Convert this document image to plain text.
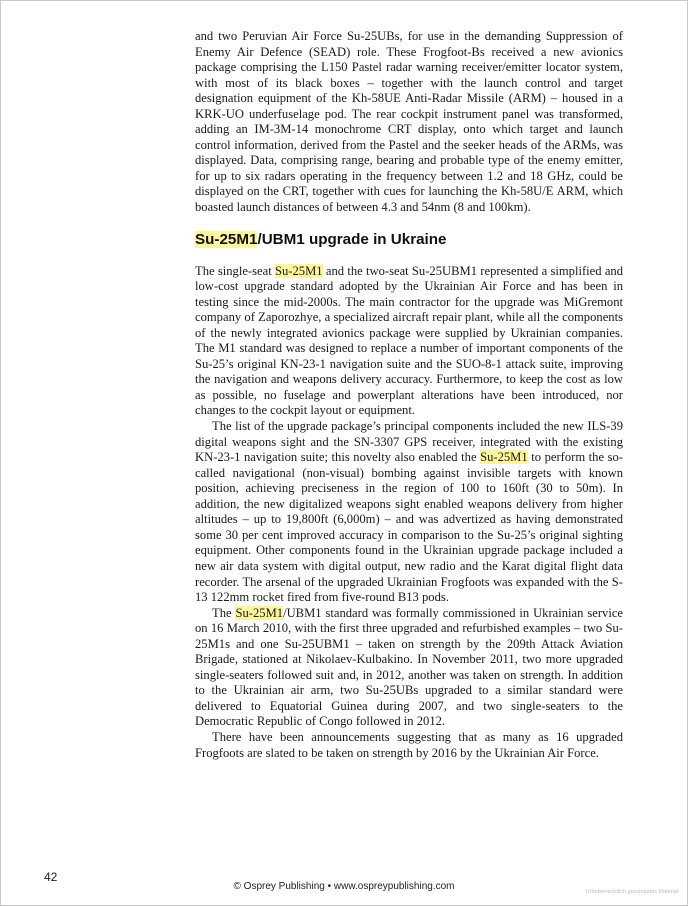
and two Peruvian Air Force Su-25UBs, for use in the demanding Suppression of Enemy Air Defence (SEAD) role. These Frogfoot-Bs received a new avionics package comprising the L150 Pastel radar warning receiver/emitter locator system, with most of its black boxes – together with the launch control and target designation equipment of the Kh-58UE Anti-Radar Missile (ARM) – housed in a KRK-UO underfuselage pod. The rear cockpit instrument panel was transformed, adding an IM-3M-14 monochrome CRT display, onto which target and launch control information, derived from the Pastel and the seeker heads of the ARMs, was displayed. Data, comprising range, bearing and probable type of the enemy emitter, for up to six radars operating in the frequency between 1.2 and 18 GHz, could be displayed on the CRT, together with cues for launching the Kh-58U/E ARM, which boasted launch distances of between 4.3 and 54nm (8 and 100km).

Su-25M1/UBM1 upgrade in Ukraine

The single-seat Su-25M1 and the two-seat Su-25UBM1 represented a simplified and low-cost upgrade standard adopted by the Ukrainian Air Force and has been in testing since the mid-2000s. The main contractor for the upgrade was MiGremont company of Zaporozhye, a specialized aircraft repair plant, while all the components of the newly integrated avionics package were supplied by Ukrainian companies. The M1 standard was designed to replace a number of important components of the Su-25’s original KN-23-1 navigation suite and the SUO-8-1 attack suite, improving the navigation and weapons delivery accuracy. Furthermore, to keep the cost as low as possible, no fuselage and powerplant alterations have been introduced, nor changes to the cockpit layout or equipment.

The list of the upgrade package’s principal components included the new ILS-39 digital weapons sight and the SN-3307 GPS receiver, integrated with the existing KN-23-1 navigation suite; this novelty also enabled the Su-25M1 to perform the so-called navigational (non-visual) bombing against invisible targets with known position, achieving preciseness in the region of 100 to 160ft (30 to 50m). In addition, the new digitalized weapons sight enabled weapons delivery from higher altitudes – up to 19,800ft (6,000m) – and was advertized as having demonstrated some 30 per cent improved accuracy in comparison to the Su-25’s original sighting equipment. Other components found in the Ukrainian upgrade package included a new air data system with digital output, new radio and the Karat digital flight data recorder. The arsenal of the upgraded Ukrainian Frogfoots was expanded with the S-13 122mm rocket fired from five-round B13 pods.

The Su-25M1/UBM1 standard was formally commissioned in Ukrainian service on 16 March 2010, with the first three upgraded and refurbished examples – two Su-25M1s and one Su-25UBM1 – taken on strength by the 209th Attack Aviation Brigade, stationed at Nikolaev-Kulbakino. In November 2011, two more upgraded single-seaters followed suit and, in 2012, another was taken on strength. In addition to the Ukrainian air arm, two Su-25UBs upgraded to a similar standard were delivered to Equatorial Guinea during 2007, and two single-seaters to the Democratic Republic of Congo followed in 2012.

There have been announcements suggesting that as many as 16 upgraded Frogfoots are slated to be taken on strength by 2016 by the Ukrainian Air Force.

42
© Osprey Publishing • www.ospreypublishing.com	Urheberrechtlich geschütztes Material
